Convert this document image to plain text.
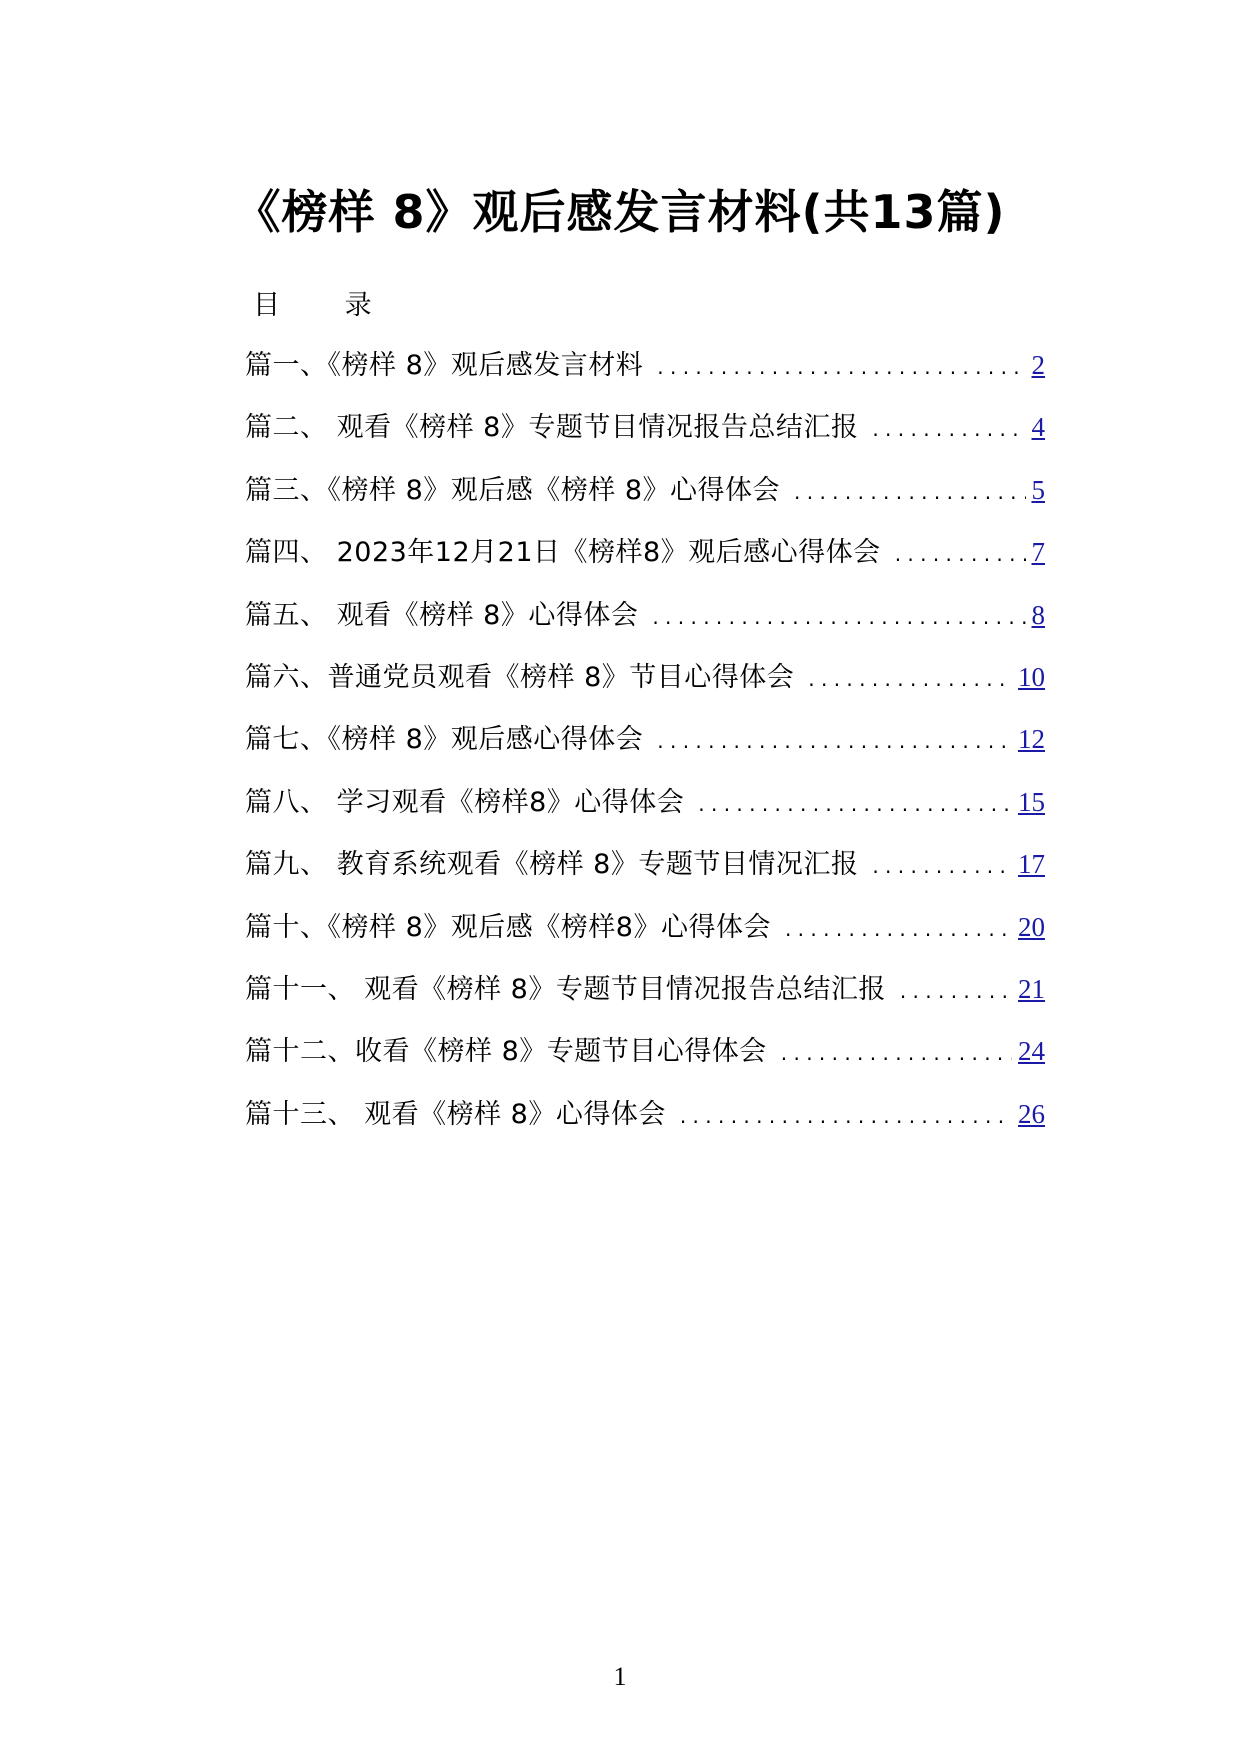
《榜样 8》观后感发言材料(共13篇)
目 录
篇一、《榜样 8》观后感发言材料 . . .	2
篇二、 观看《榜样 8》专题节目情况报告总结汇报 . . .	4
篇三、《榜样 8》观后感《榜样 8》心得体会 . . .	5
篇四、 2023年12月21日《榜样8》观后感心得体会 . . .	7
篇五、 观看《榜样 8》心得体会 . . .	8
篇六、普通党员观看《榜样 8》节目心得体会 . . .	10
篇七、《榜样 8》观后感心得体会 . . .	12
篇八、 学习观看《榜样8》心得体会 . . .	15
篇九、 教育系统观看《榜样 8》专题节目情况汇报 . . .	17
篇十、《榜样 8》观后感《榜样8》心得体会 . . .	20
篇十一、 观看《榜样 8》专题节目情况报告总结汇报 . . .	21
篇十二、收看《榜样 8》专题节目心得体会 . . .	24
篇十三、 观看《榜样 8》心得体会 . . .	26
1
